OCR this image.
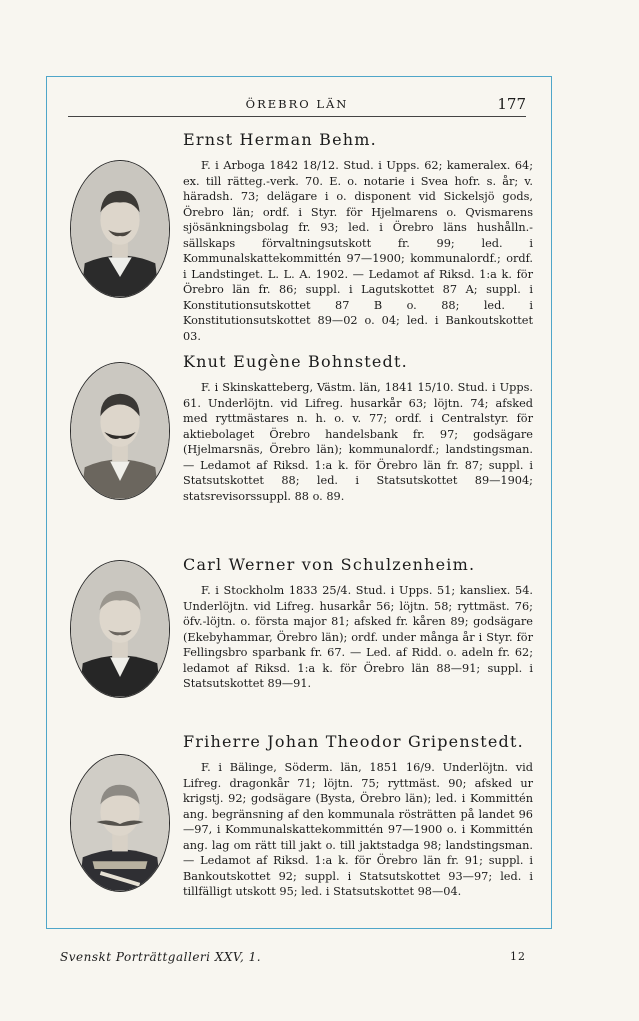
ÖREBRO LÄN	177
Ernst Herman Behm.

F. i Arboga 1842 18/12. Stud. i Upps. 62; kameralex. 64; ex. till rätteg.-verk. 70. E. o. notarie i Svea hofr. s. år; v. häradsh. 73; delägare i o. disponent vid Sickelsjö gods, Örebro län; ordf. i Styr. för Hjelmarens o. Qvismarens sjösänkningsbolag fr. 93; led. i Örebro läns hushålln.-sällskaps förvaltningsutskott fr. 99; led. i Kommunalskattekommittén 97—1900; kommunalordf.; ordf. i Landstinget. L. L. A. 1902. — Ledamot af Riksd. 1:a k. för Örebro län fr. 86; suppl. i Lagutskottet 87 A; suppl. i Konstitutionsutskottet 87 B o. 88; led. i Konstitutionsutskottet 89—02 o. 04; led. i Bankoutskottet 03.

Knut Eugène Bohnstedt.

F. i Skinskatteberg, Västm. län, 1841 15/10. Stud. i Upps. 61. Underlöjtn. vid Lifreg. husarkår 63; löjtn. 74; afsked med ryttmästares n. h. o. v. 77; ordf. i Centralstyr. för aktiebolaget Örebro handelsbank fr. 97; godsägare (Hjelmarsnäs, Örebro län); kommunalordf.; landstingsman. — Ledamot af Riksd. 1:a k. för Örebro län fr. 87; suppl. i Statsutskottet 88; led. i Statsutskottet 89—1904; statsrevisorssuppl. 88 o. 89.

Carl Werner von Schulzenheim.

F. i Stockholm 1833 25/4. Stud. i Upps. 51; kansliex. 54. Underlöjtn. vid Lifreg. husarkår 56; löjtn. 58; ryttmäst. 76; öfv.-löjtn. o. första major 81; afsked fr. kåren 89; godsägare (Ekebyhammar, Örebro län); ordf. under många år i Styr. för Fellingsbro sparbank fr. 67. — Led. af Ridd. o. adeln fr. 62; ledamot af Riksd. 1:a k. för Örebro län 88—91; suppl. i Statsutskottet 89—91.

Friherre Johan Theodor Gripenstedt.

F. i Bälinge, Söderm. län, 1851 16/9. Underlöjtn. vid Lifreg. dragonkår 71; löjtn. 75; ryttmäst. 90; afsked ur krigstj. 92; godsägare (Bysta, Örebro län); led. i Kommittén ang. begränsning af den kommunala rösträtten på landet 96—97, i Kommunalskattekommittén 97—1900 o. i Kommittén ang. lag om rätt till jakt o. till jaktstadga 98; landstingsman. — Ledamot af Riksd. 1:a k. för Örebro län fr. 91; suppl. i Bankoutskottet 92; suppl. i Statsutskottet 93—97; led. i tillfälligt utskott 95; led. i Statsutskottet 98—04.

Svenskt Porträttgalleri XXV, 1.	12
